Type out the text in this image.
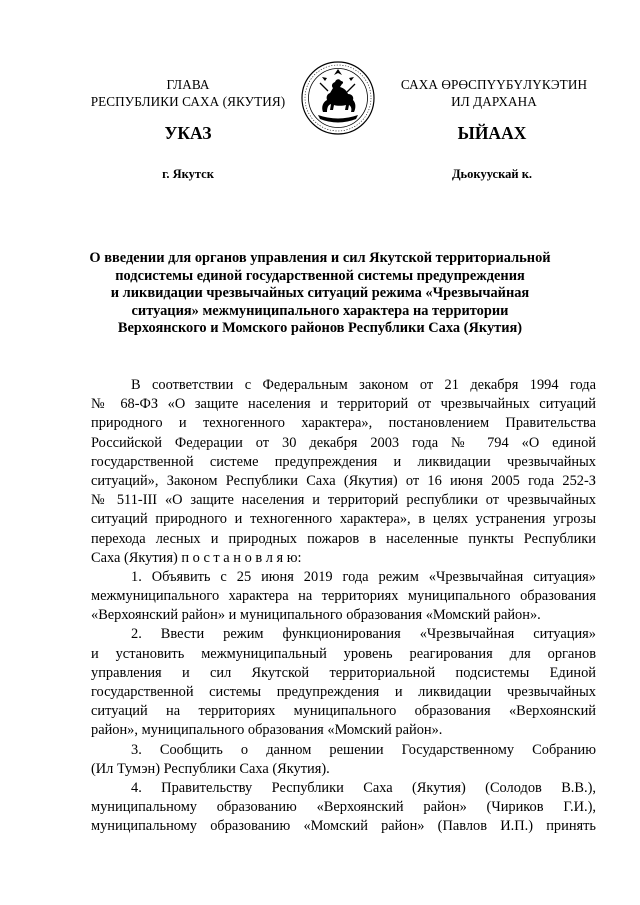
ГЛАВА
РЕСПУБЛИКИ САХА (ЯКУТИЯ)
САХА ӨРӨСПҮҮБҮЛҮКЭТИН
ИЛ ДАРХАНА
УКАЗ	ЫЙААХ
г. Якутск	Дьокуускай к.
О введении для органов управления и сил Якутской территориальной
подсистемы единой государственной системы предупреждения
и ликвидации чрезвычайных ситуаций режима «Чрезвычайная
ситуация» межмуниципального характера на территории
Верхоянского и Момского районов Республики Саха (Якутия)
В соответствии с Федеральным законом от 21 декабря 1994 года
№ 68-ФЗ «О защите населения и территорий от чрезвычайных ситуаций
природного и техногенного характера», постановлением Правительства
Российской Федерации от 30 декабря 2003 года № 794 «О единой
государственной системе предупреждения и ликвидации чрезвычайных
ситуаций», Законом Республики Саха (Якутия) от 16 июня 2005 года 252-З
№ 511-III «О защите населения и территорий республики от чрезвычайных
ситуаций природного и техногенного характера», в целях устранения угрозы
перехода лесных и природных пожаров в населенные пункты Республики
Саха (Якутия) п о с т а н о в л я ю:
1. Объявить с 25 июня 2019 года режим «Чрезвычайная ситуация»
межмуниципального характера на территориях муниципального образования
«Верхоянский район» и муниципального образования «Момский район».
2. Ввести режим функционирования «Чрезвычайная ситуация»
и установить межмуниципальный уровень реагирования для органов
управления и сил Якутской территориальной подсистемы Единой
государственной системы предупреждения и ликвидации чрезвычайных
ситуаций на территориях муниципального образования «Верхоянский
район», муниципального образования «Момский район».
3. Сообщить о данном решении Государственному Собранию
(Ил Тумэн) Республики Саха (Якутия).
4. Правительству Республики Саха (Якутия) (Солодов В.В.),
муниципальному образованию «Верхоянский район» (Чириков Г.И.),
муниципальному образованию «Момский район» (Павлов И.П.) принять
